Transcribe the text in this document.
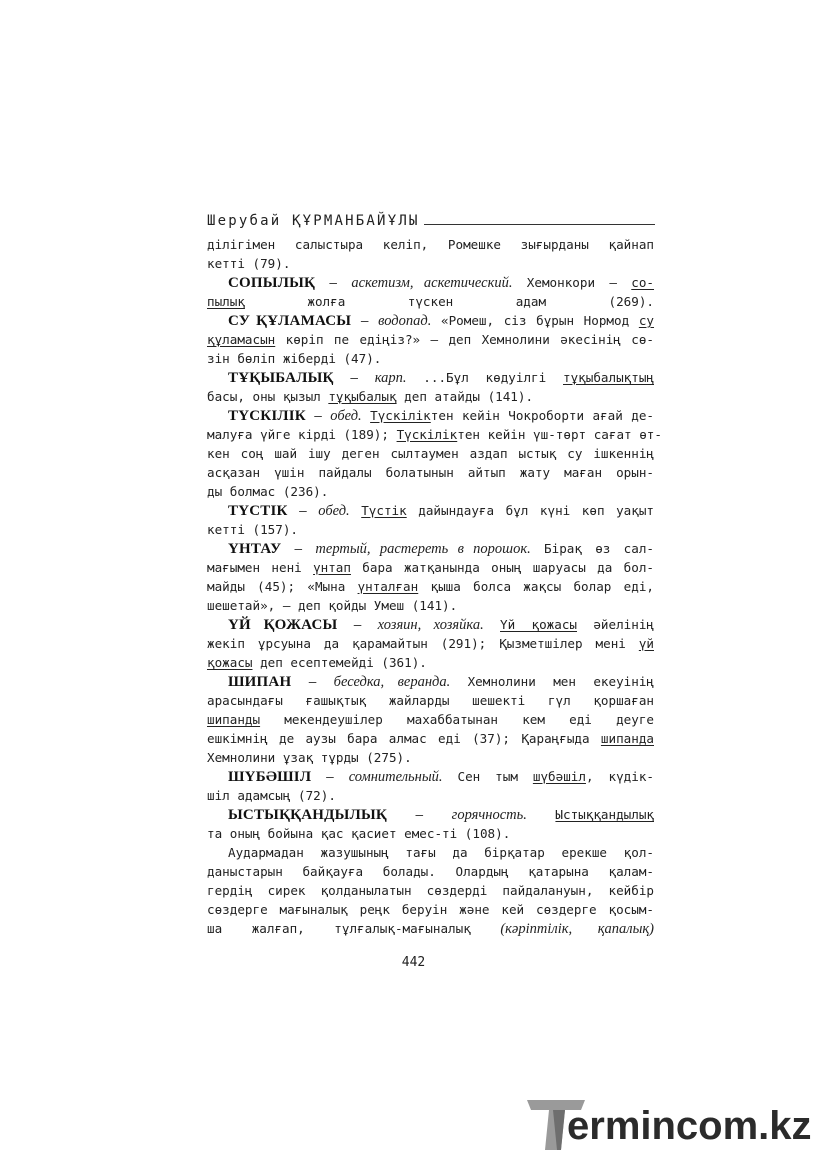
Шерубай ҚҰРМАНБАЙҰЛЫ
ділігімен салыстыра келіп, Ромешке зығырданы қайнап
кетті (79).
СОПЫЛЫҚ – аскетизм, аскетический. Хемонкори – со-
пылық жолға түскен адам (269).
СУ ҚҰЛАМАСЫ – водопад. «Ромеш, сіз бұрын Нормод су
құламасын көріп пе едіңіз?» – деп Хемнолини әкесінің сө-
зін бөліп жіберді (47).
ТҰҚЫБАЛЫҚ – карп. ...Бұл көдуілгі тұқыбалықтың
басы, оны қызыл тұқыбалық деп атайды (141).
ТҮСКІЛІК – обед. Түскіліктен кейін Чокроборти ағай де-
малуға үйге кірді (189); Түскіліктен кейін үш-төрт сағат өт-
кен соң шай ішу деген сылтаумен аздап ыстық су ішкеннің
асқазан үшін пайдалы болатынын айтып жату маған орын-
ды болмас (236).
ТҮСТІК – обед. Түстік дайындауға бұл күні көп уақыт
кетті (157).
ҮНТАУ – тертый, растереть в порошок. Бірақ өз сал-
мағымен нені үнтап бара жатқанында оның шаруасы да бол-
майды (45); «Мына үнталған қыша болса жақсы болар еді,
шешетай», – деп қойды Умеш (141).
ҮЙ ҚОЖАСЫ – хозяин, хозяйка. Үй қожасы әйелінің
жекіп ұрсуына да қарамайтын (291); Қызметшілер мені үй
қожасы деп есептемейді (361).
ШИПАН – беседка, веранда. Хемнолини мен екеуінің
арасындағы ғашықтық жайларды шешекті гүл қоршаған
шипанды мекендеушілер махаббатынан кем еді деуге
ешкімнің де аузы бара алмас еді (37); Қараңғыда шипанда
Хемнолини ұзақ тұрды (275).
ШҮБӘШІЛ – сомнительный. Сен тым шүбәшіл, күдік-
шіл адамсың (72).
ЫСТЫҚҚАНДЫЛЫҚ – горячность. Ыстыққандылық
та оның бойына қас қасиет емес-ті (108).
Аудармадан жазушының тағы да бірқатар ерекше қол-
даныстарын байқауға болады. Олардың қатарына қалам-
гердің сирек қолданылатын сөздерді пайдалануын, кейбір
сөздерге мағыналық реңк беруін және кей сөздерге қосым-
ша жалғап, тұлғалық-мағыналық (кәріптілік, қапалық)
442
ermincom.kz
